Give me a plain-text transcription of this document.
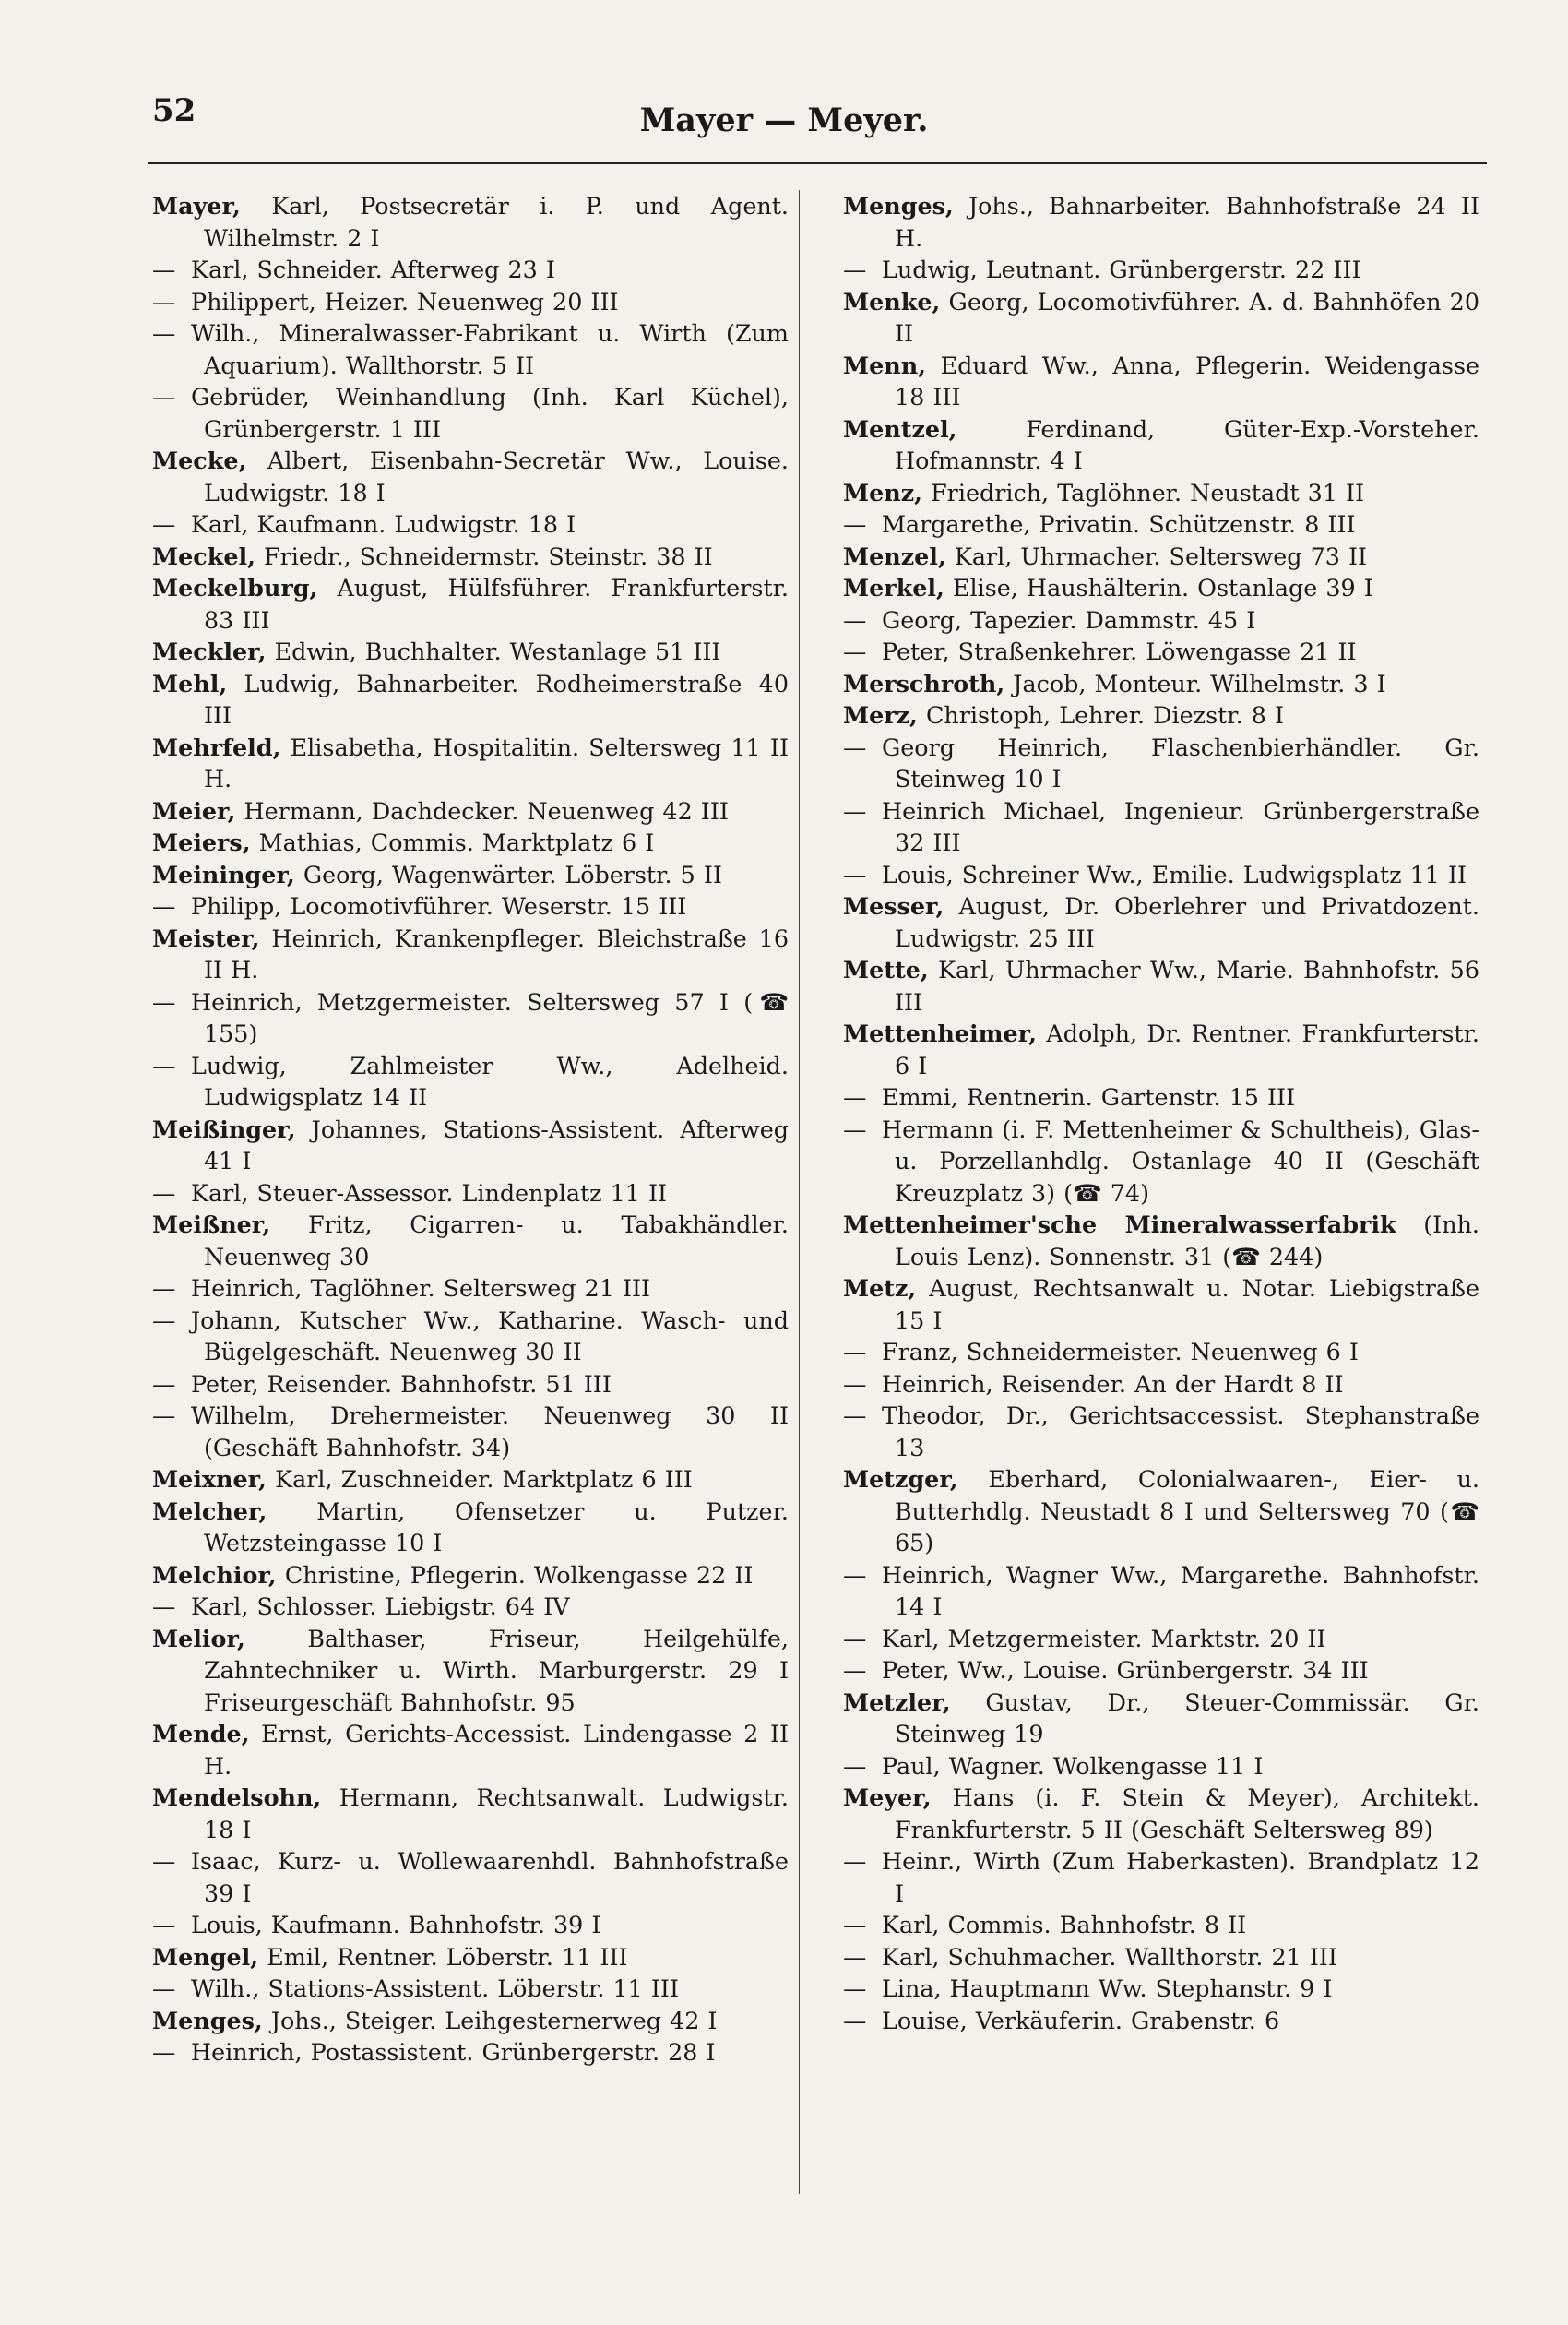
52	Mayer — Meyer.
Mayer, Karl, Postsecretär i. P. und Agent. Wilhelmstr. 2 I
— Karl, Schneider. Afterweg 23 I
— Philippert, Heizer. Neuenweg 20 III
— Wilh., Mineralwasser-Fabrikant u. Wirth (Zum Aquarium). Wallthorstr. 5 II
— Gebrüder, Weinhandlung (Inh. Karl Küchel), Grünbergerstr. 1 III
Mecke, Albert, Eisenbahn-Secretär Ww., Louise. Ludwigstr. 18 I
— Karl, Kaufmann. Ludwigstr. 18 I
Meckel, Friedr., Schneidermstr. Steinstr. 38 II
Meckelburg, August, Hülfsführer. Frankfurterstr. 83 III
Meckler, Edwin, Buchhalter. Westanlage 51 III
Mehl, Ludwig, Bahnarbeiter. Rodheimerstraße 40 III
Mehrfeld, Elisabetha, Hospitalitin. Seltersweg 11 II H.
Meier, Hermann, Dachdecker. Neuenweg 42 III
Meiers, Mathias, Commis. Marktplatz 6 I
Meininger, Georg, Wagenwärter. Löberstr. 5 II
— Philipp, Locomotivführer. Weserstr. 15 III
Meister, Heinrich, Krankenpfleger. Bleichstraße 16 II H.
— Heinrich, Metzgermeister. Seltersweg 57 I (☎ 155)
— Ludwig, Zahlmeister Ww., Adelheid. Ludwigsplatz 14 II
Meißinger, Johannes, Stations-Assistent. Afterweg 41 I
— Karl, Steuer-Assessor. Lindenplatz 11 II
Meißner, Fritz, Cigarren- u. Tabakhändler. Neuenweg 30
— Heinrich, Taglöhner. Seltersweg 21 III
— Johann, Kutscher Ww., Katharine. Wasch- und Bügelgeschäft. Neuenweg 30 II
— Peter, Reisender. Bahnhofstr. 51 III
— Wilhelm, Drehermeister. Neuenweg 30 II (Geschäft Bahnhofstr. 34)
Meixner, Karl, Zuschneider. Marktplatz 6 III
Melcher, Martin, Ofensetzer u. Putzer. Wetzsteingasse 10 I
Melchior, Christine, Pflegerin. Wolkengasse 22 II
— Karl, Schlosser. Liebigstr. 64 IV
Melior,	Balthaser, Friseur, Heilgehülfe, Zahntechniker u. Wirth. Marburgerstr. 29 I Friseurgeschäft Bahnhofstr. 95
Mende, Ernst, Gerichts-Accessist. Lindengasse 2 II H.
Mendelsohn, Hermann, Rechtsanwalt. Ludwigstr. 18 I
— Isaac, Kurz- u. Wollewaarenhdl. Bahnhofstraße 39 I
— Louis, Kaufmann. Bahnhofstr. 39 I
Mengel, Emil, Rentner. Löberstr. 11 III
— Wilh., Stations-Assistent. Löberstr. 11 III
Menges, Johs., Steiger. Leihgesternerweg 42 I
— Heinrich, Postassistent. Grünbergerstr. 28 I
Menges, Johs., Bahnarbeiter. Bahnhofstraße 24 II H.
— Ludwig, Leutnant. Grünbergerstr. 22 III
Menke, Georg, Locomotivführer. A. d. Bahnhöfen 20 II
Menn, Eduard Ww., Anna, Pflegerin. Weidengasse 18 III
Mentzel,	Ferdinand, Güter-Exp.-Vorsteher. Hofmannstr. 4 I
Menz, Friedrich, Taglöhner. Neustadt 31 II
— Margarethe, Privatin. Schützenstr. 8 III
Menzel, Karl, Uhrmacher. Seltersweg 73 II
Merkel, Elise, Haushälterin. Ostanlage 39 I
— Georg, Tapezier. Dammstr. 45 I
— Peter, Straßenkehrer. Löwengasse 21 II
Merschroth, Jacob, Monteur. Wilhelmstr. 3 I
Merz, Christoph, Lehrer. Diezstr. 8 I
— Georg Heinrich, Flaschenbierhändler. Gr. Steinweg 10 I
— Heinrich Michael, Ingenieur. Grünbergerstraße 32 III
— Louis, Schreiner Ww., Emilie. Ludwigsplatz 11 II
Messer, August, Dr. Oberlehrer und Privatdozent. Ludwigstr. 25 III
Mette, Karl, Uhrmacher Ww., Marie. Bahnhofstr. 56 III
Mettenheimer, Adolph, Dr. Rentner. Frankfurterstr. 6 I
— Emmi, Rentnerin. Gartenstr. 15 III
— Hermann (i. F. Mettenheimer & Schultheis), Glas- u. Porzellanhdlg. Ostanlage 40 II (Geschäft Kreuzplatz 3) (☎ 74)
Mettenheimer'sche Mineralwasserfabrik (Inh. Louis Lenz). Sonnenstr. 31 (☎ 244)
Metz, August, Rechtsanwalt u. Notar. Liebigstraße 15 I
— Franz, Schneidermeister. Neuenweg 6 I
— Heinrich, Reisender. An der Hardt 8 II
— Theodor, Dr., Gerichtsaccessist. Stephanstraße 13
Metzger, Eberhard, Colonialwaaren-, Eier- u. Butterhdlg. Neustadt 8 I und Seltersweg 70 (☎ 65)
— Heinrich, Wagner Ww., Margarethe. Bahnhofstr. 14 I
— Karl, Metzgermeister. Marktstr. 20 II
— Peter, Ww., Louise. Grünbergerstr. 34 III
Metzler, Gustav, Dr., Steuer-Commissär. Gr. Steinweg 19
— Paul, Wagner. Wolkengasse 11 I
Meyer, Hans (i. F. Stein & Meyer), Architekt. Frankfurterstr. 5 II (Geschäft Seltersweg 89)
— Heinr., Wirth (Zum Haberkasten). Brandplatz 12 I
— Karl, Commis. Bahnhofstr. 8 II
— Karl, Schuhmacher. Wallthorstr. 21 III
— Lina, Hauptmann Ww. Stephanstr. 9 I
— Louise, Verkäuferin. Grabenstr. 6
